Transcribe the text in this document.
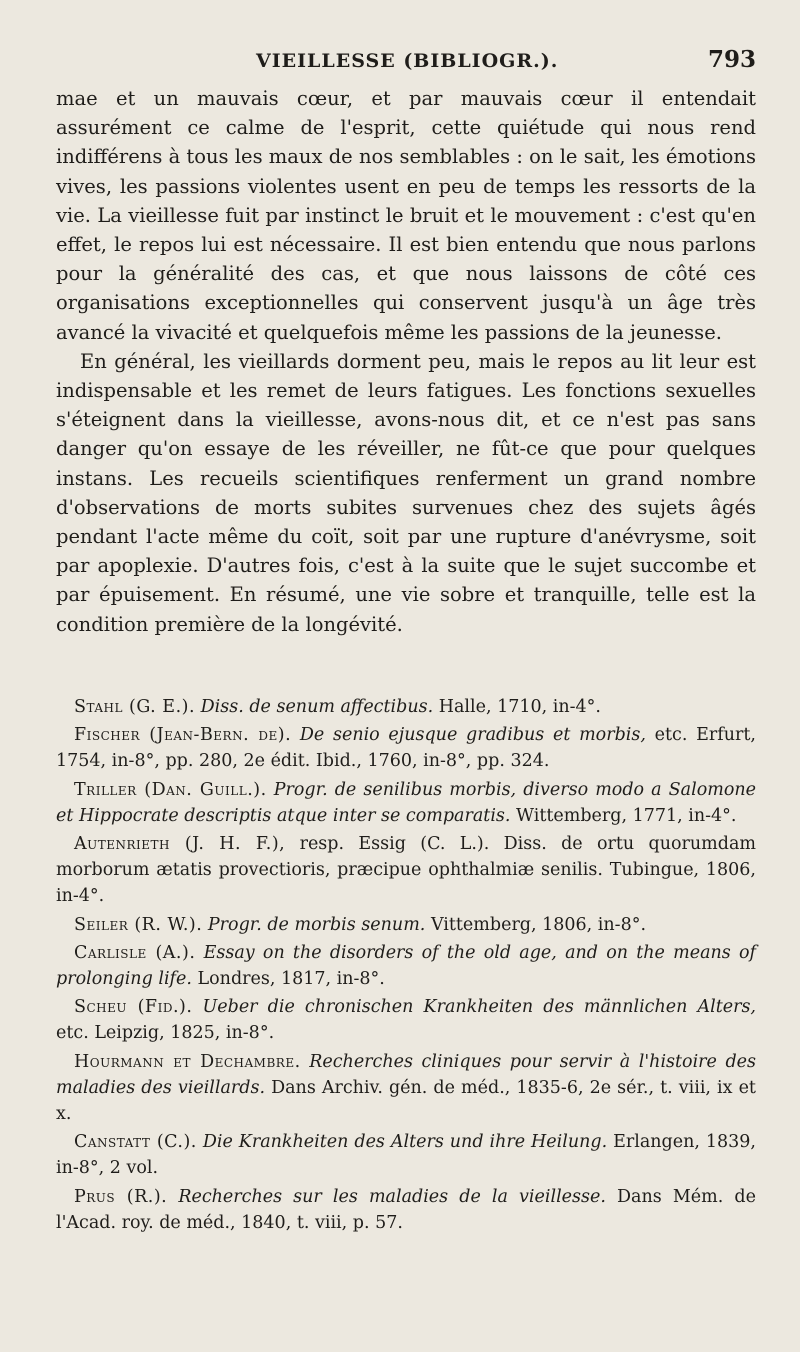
VIEILLESSE (BIBLIOGR.).	793

mae et un mauvais cœur, et par mauvais cœur il entendait assurément ce calme de l'esprit, cette quiétude qui nous rend indifférens à tous les maux de nos semblables : on le sait, les émotions vives, les passions violentes usent en peu de temps les ressorts de la vie. La vieillesse fuit par instinct le bruit et le mouvement : c'est qu'en effet, le repos lui est nécessaire. Il est bien entendu que nous parlons pour la généralité des cas, et que nous laissons de côté ces organisations exceptionnelles qui conservent jusqu'à un âge très avancé la vivacité et quelquefois même les passions de la jeunesse.

En général, les vieillards dorment peu, mais le repos au lit leur est indispensable et les remet de leurs fatigues. Les fonctions sexuelles s'éteignent dans la vieillesse, avons-nous dit, et ce n'est pas sans danger qu'on essaye de les réveiller, ne fût-ce que pour quelques instans. Les recueils scientifiques renferment un grand nombre d'observations de morts subites survenues chez des sujets âgés pendant l'acte même du coït, soit par une rupture d'anévrysme, soit par apoplexie. D'autres fois, c'est à la suite que le sujet succombe et par épuisement. En résumé, une vie sobre et tranquille, telle est la condition première de la longévité.

Stahl (G. E.). Diss. de senum affectibus. Halle, 1710, in-4°.

Fischer (Jean-Bern. de). De senio ejusque gradibus et morbis, etc. Erfurt, 1754, in-8°, pp. 280, 2e édit. Ibid., 1760, in-8°, pp. 324.

Triller (Dan. Guill.). Progr. de senilibus morbis, diverso modo a Salomone et Hippocrate descriptis atque inter se comparatis. Wittemberg, 1771, in-4°.

Autenrieth (J. H. F.), resp. Essig (C. L.). Diss. de ortu quorumdam morborum ætatis provectioris, præcipue ophthalmiæ senilis. Tubingue, 1806, in-4°.

Seiler (R. W.). Progr. de morbis senum. Vittemberg, 1806, in-8°.

Carlisle (A.). Essay on the disorders of the old age, and on the means of prolonging life. Londres, 1817, in-8°.

Scheu (Fid.). Ueber die chronischen Krankheiten des männlichen Alters, etc. Leipzig, 1825, in-8°.

Hourmann et Dechambre. Recherches cliniques pour servir à l'histoire des maladies des vieillards. Dans Archiv. gén. de méd., 1835-6, 2e sér., t. viii, ix et x.

Canstatt (C.). Die Krankheiten des Alters und ihre Heilung. Erlangen, 1839, in-8°, 2 vol.

Prus (R.). Recherches sur les maladies de la vieillesse. Dans Mém. de l'Acad. roy. de méd., 1840, t. viii, p. 57.
